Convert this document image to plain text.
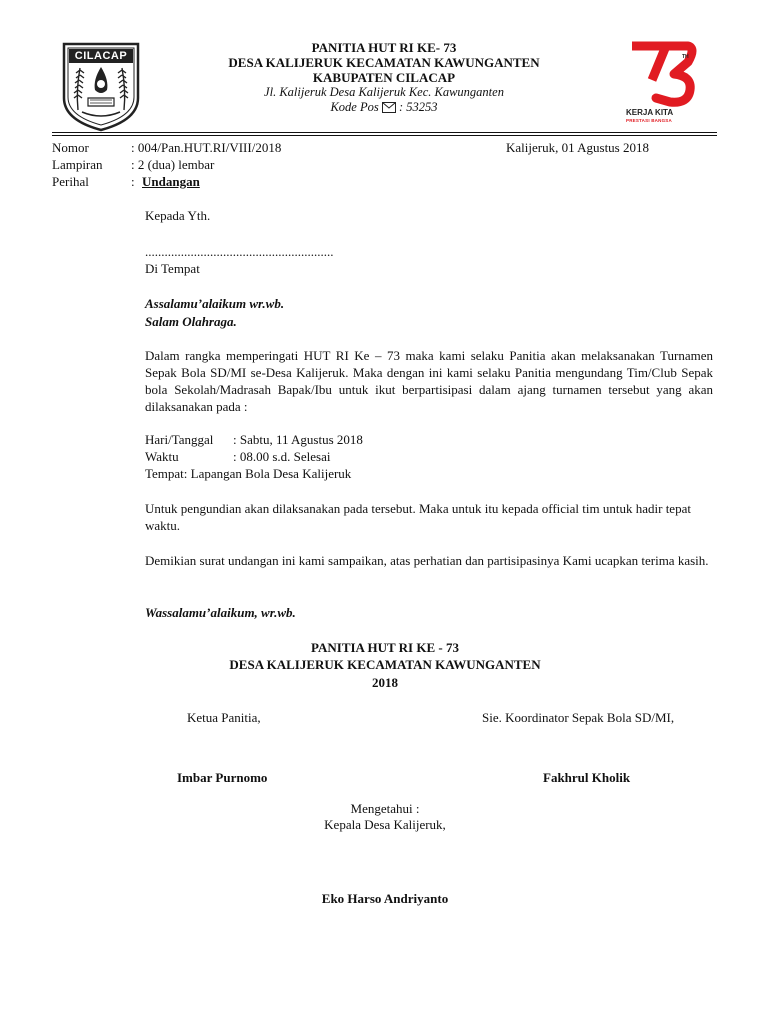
CILACAP
PANITIA HUT RI KE- 73
DESA KALIJERUK KECAMATAN KAWUNGANTEN
KABUPATEN CILACAP
Jl. Kalijeruk Desa Kalijeruk Kec. Kawunganten
Kode Pos : 53253
TH
KERJA KITA
PRESTASI BANGSA
Nomor	: 004/Pan.HUT.RI/VIII/2018	Kalijeruk, 01 Agustus 2018
Lampiran : 2 (dua) lembar
Perihal	: Undangan
Kepada Yth.
..........................................................
Di Tempat
Assalamu’alaikum wr.wb.
Salam Olahraga.
Dalam rangka memperingati HUT RI Ke – 73 maka kami selaku Panitia akan melaksanakan Turnamen Sepak Bola SD/MI se-Desa Kalijeruk. Maka dengan ini kami selaku Panitia mengundang Tim/Club Sepak bola Sekolah/Madrasah Bapak/Ibu untuk ikut berpartisipasi dalam ajang turnamen tersebut yang akan dilaksanakan pada :
Hari/Tanggal : Sabtu, 11 Agustus 2018
Waktu	: 08.00 s.d. Selesai
Tempat: Lapangan Bola Desa Kalijeruk
Untuk pengundian akan dilaksanakan pada tersebut. Maka untuk itu kepada official tim untuk hadir tepat waktu.
Demikian surat undangan ini kami sampaikan, atas perhatian dan partisipasinya Kami ucapkan terima kasih.
Wassalamu’alaikum, wr.wb.
PANITIA HUT RI KE - 73
DESA KALIJERUK KECAMATAN KAWUNGANTEN
2018
Ketua Panitia,	Sie. Koordinator Sepak Bola SD/MI,
Imbar Purnomo	Fakhrul Kholik
Mengetahui :
Kepala Desa Kalijeruk,
Eko Harso Andriyanto
